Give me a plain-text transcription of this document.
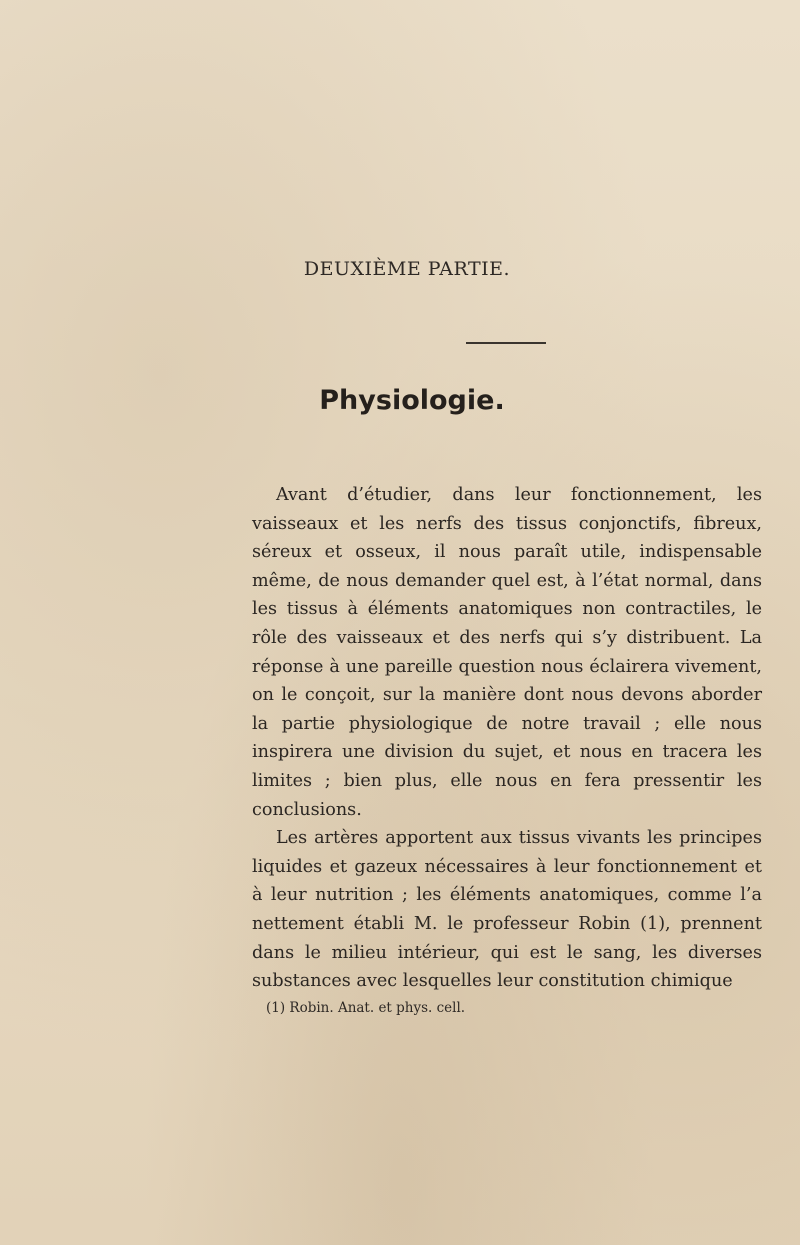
DEUXIÈME PARTIE.
Physiologie.

Avant d’étudier, dans leur fonctionnement, les vaisseaux et les nerfs des tissus conjonctifs, fibreux, séreux et osseux, il nous paraît utile, indispensable même, de nous demander quel est, à l’état normal, dans les tissus à éléments anatomiques non contractiles, le rôle des vaisseaux et des nerfs qui s’y distribuent. La réponse à une pareille question nous éclairera vivement, on le conçoit, sur la manière dont nous devons aborder la partie physiologique de notre travail ; elle nous inspirera une division du sujet, et nous en tracera les limites ; bien plus, elle nous en fera pressentir les conclusions.

Les artères apportent aux tissus vivants les principes liquides et gazeux nécessaires à leur fonctionnement et à leur nutrition ; les éléments anatomiques, comme l’a nettement établi M. le professeur Robin (1), prennent dans le milieu intérieur, qui est le sang, les diverses substances avec lesquelles leur constitution chimique

(1) Robin. Anat. et phys. cell.
